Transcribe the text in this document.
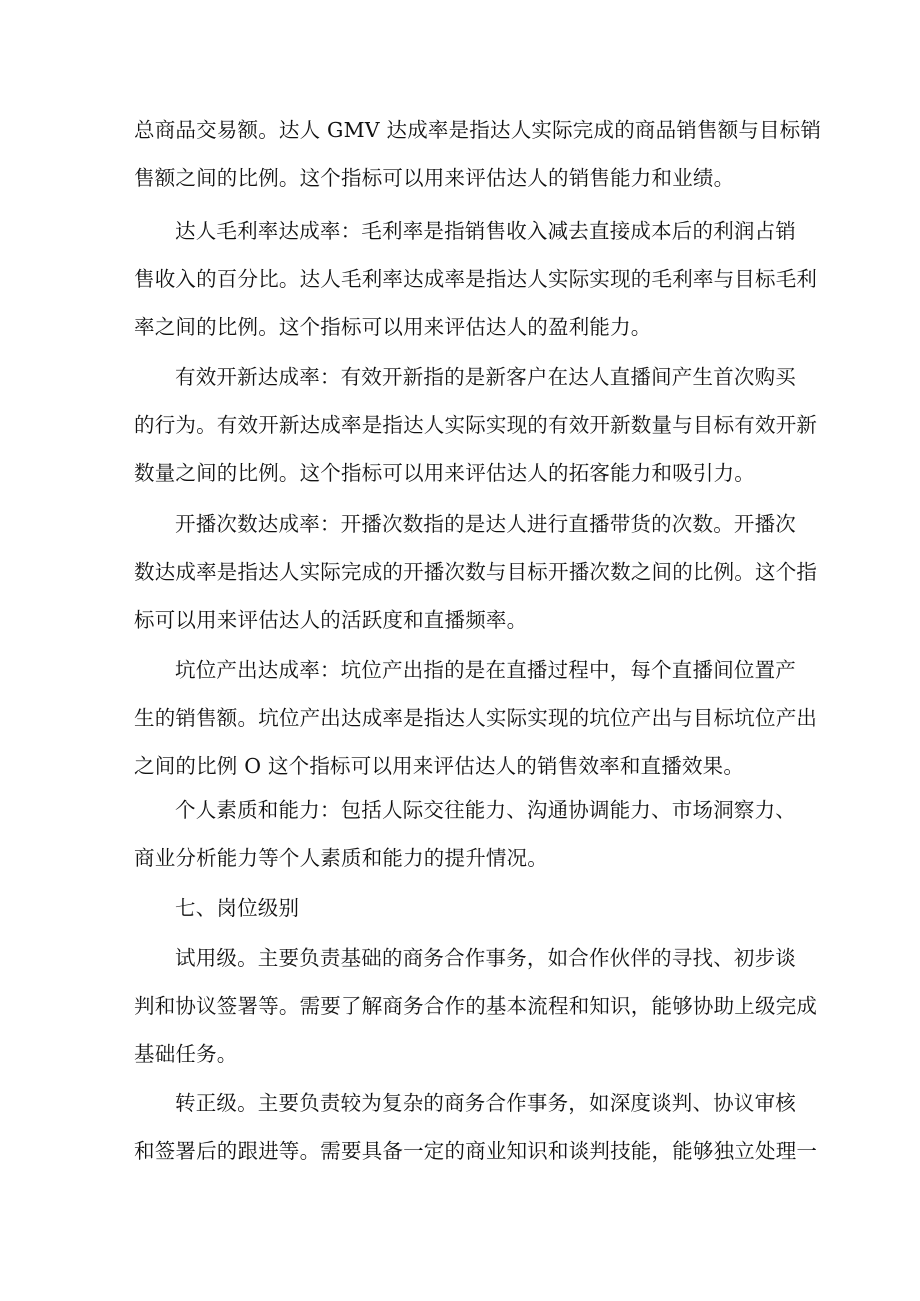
总商品交易额。达人 GMV 达成率是指达人实际完成的商品销售额与目标销
售额之间的比例。这个指标可以用来评估达人的销售能力和业绩。
达人毛利率达成率：毛利率是指销售收入减去直接成本后的利润占销
售收入的百分比。达人毛利率达成率是指达人实际实现的毛利率与目标毛利
率之间的比例。这个指标可以用来评估达人的盈利能力。
有效开新达成率：有效开新指的是新客户在达人直播间产生首次购买
的行为。有效开新达成率是指达人实际实现的有效开新数量与目标有效开新
数量之间的比例。这个指标可以用来评估达人的拓客能力和吸引力。
开播次数达成率：开播次数指的是达人进行直播带货的次数。开播次
数达成率是指达人实际完成的开播次数与目标开播次数之间的比例。这个指
标可以用来评估达人的活跃度和直播频率。
坑位产出达成率：坑位产出指的是在直播过程中，每个直播间位置产
生的销售额。坑位产出达成率是指达人实际实现的坑位产出与目标坑位产出
之间的比例 O 这个指标可以用来评估达人的销售效率和直播效果。
个人素质和能力：包括人际交往能力、沟通协调能力、市场洞察力、
商业分析能力等个人素质和能力的提升情况。
七、岗位级别
试用级。主要负责基础的商务合作事务，如合作伙伴的寻找、初步谈
判和协议签署等。需要了解商务合作的基本流程和知识，能够协助上级完成
基础任务。
转正级。主要负责较为复杂的商务合作事务，如深度谈判、协议审核
和签署后的跟进等。需要具备一定的商业知识和谈判技能，能够独立处理一
